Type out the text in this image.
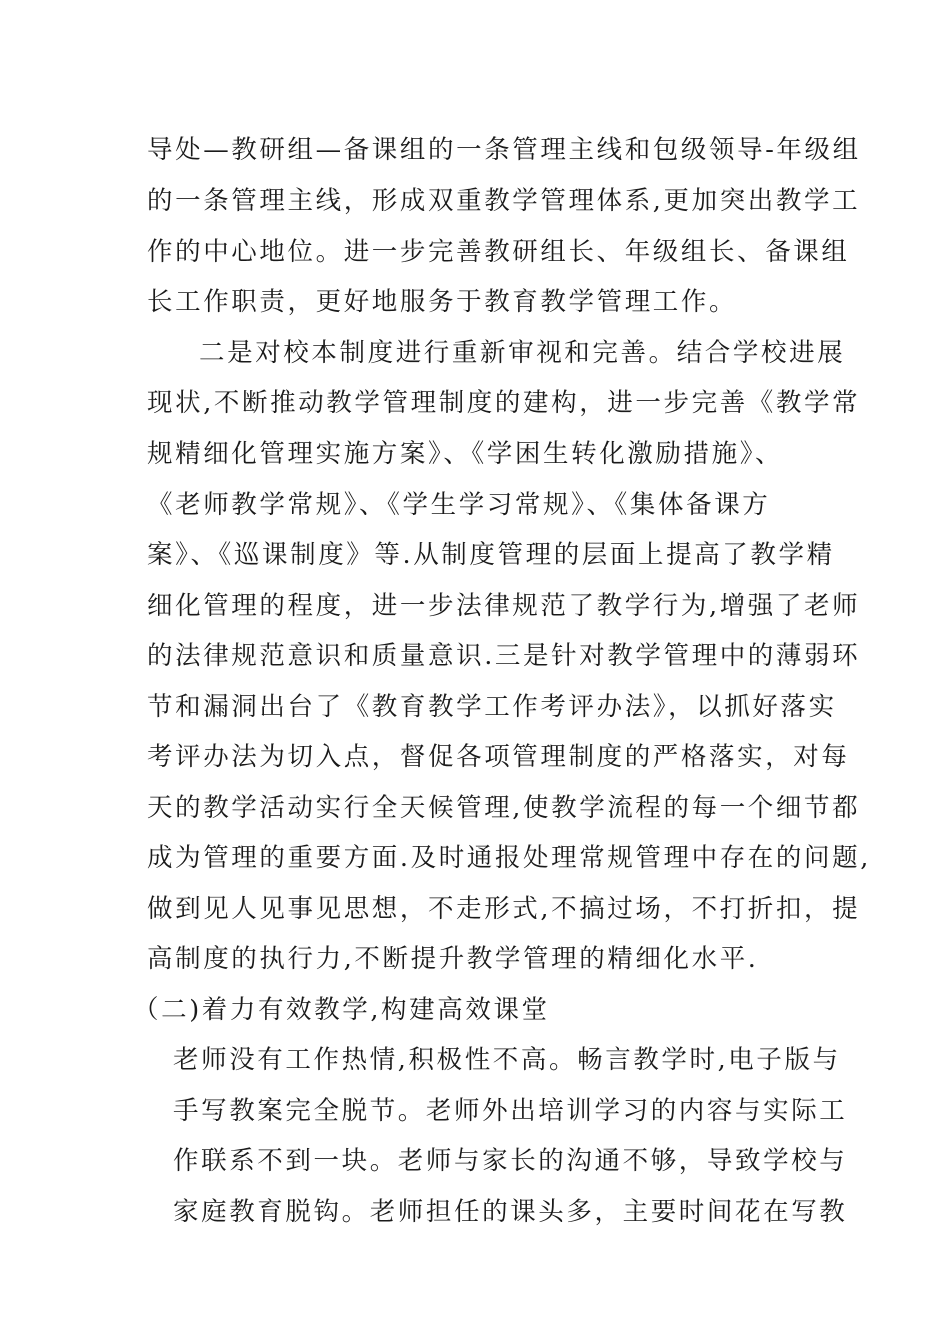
导处—教研组—备课组的一条管理主线和包级领导-年级组
的一条管理主线，形成双重教学管理体系,更加突出教学工
作的中心地位。进一步完善教研组长、年级组长、备课组
长工作职责，更好地服务于教育教学管理工作。
二是对校本制度进行重新审视和完善。结合学校进展
现状,不断推动教学管理制度的建构，进一步完善《教学常
规精细化管理实施方案》、《学困生转化激励措施》、
《老师教学常规》、《学生学习常规》、《集体备课方
案》、《巡课制度》等.从制度管理的层面上提高了教学精
细化管理的程度，进一步法律规范了教学行为,增强了老师
的法律规范意识和质量意识.三是针对教学管理中的薄弱环
节和漏洞出台了《教育教学工作考评办法》，以抓好落实
考评办法为切入点，督促各项管理制度的严格落实，对每
天的教学活动实行全天候管理,使教学流程的每一个细节都
成为管理的重要方面.及时通报处理常规管理中存在的问题,
做到见人见事见思想，不走形式,不搞过场，不打折扣，提
高制度的执行力,不断提升教学管理的精细化水平.
（二)着力有效教学,构建高效课堂
老师没有工作热情,积极性不高。畅言教学时,电子版与
手写教案完全脱节。老师外出培训学习的内容与实际工
作联系不到一块。老师与家长的沟通不够，导致学校与
家庭教育脱钩。老师担任的课头多，主要时间花在写教
